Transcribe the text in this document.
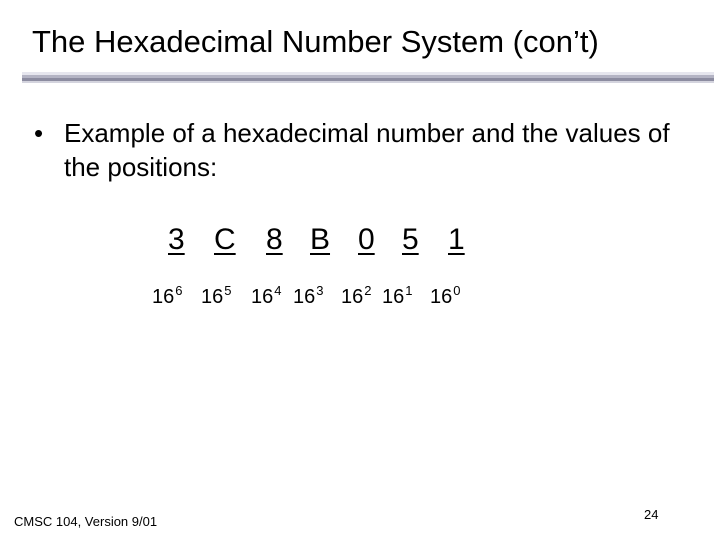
The Hexadecimal Number System (con’t)
• Example of a hexadecimal number and the values of the positions:
3 C 8 B 0 5 1
$16^6$ $16^5$ $16^4$ $16^3$ $16^2$ $16^1$ $16^0$
CMSC 104, Version 9/01	24
